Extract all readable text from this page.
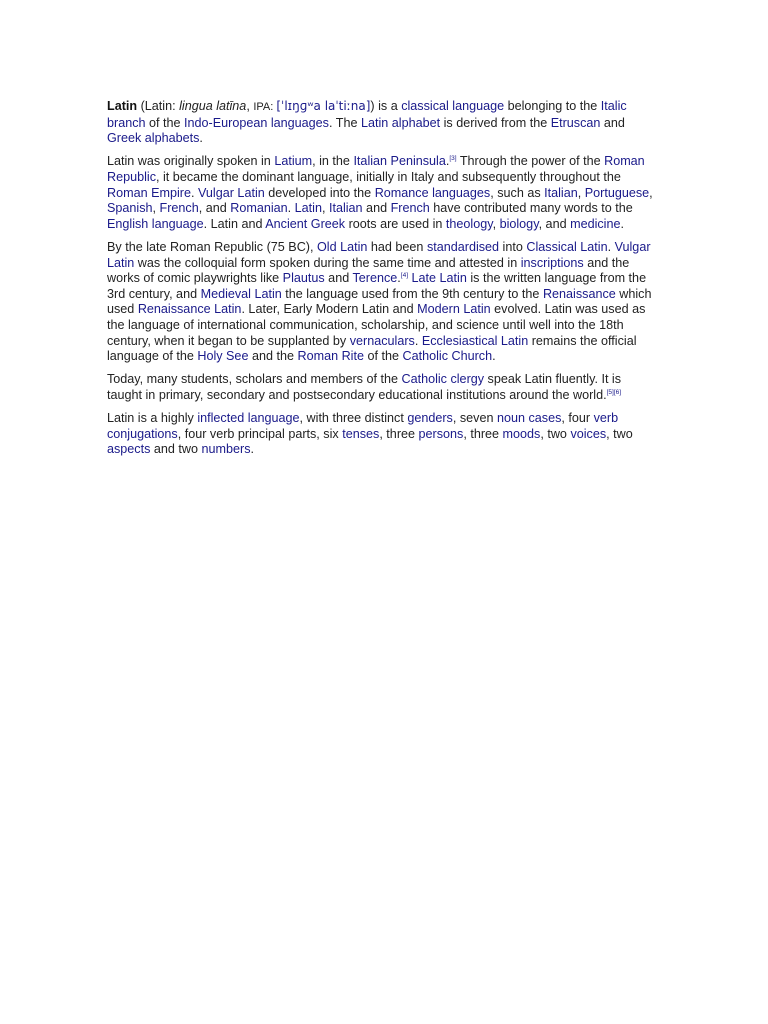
Latin (Latin: lingua latīna, IPA: [ˈlɪŋɡʷa laˈtiːna]) is a classical language belonging to the Italic branch of the Indo-European languages. The Latin alphabet is derived from the Etruscan and Greek alphabets.

Latin was originally spoken in Latium, in the Italian Peninsula.[3] Through the power of the Roman Republic, it became the dominant language, initially in Italy and subsequently throughout the Roman Empire. Vulgar Latin developed into the Romance languages, such as Italian, Portuguese, Spanish, French, and Romanian. Latin, Italian and French have contributed many words to the English language. Latin and Ancient Greek roots are used in theology, biology, and medicine.

By the late Roman Republic (75 BC), Old Latin had been standardised into Classical Latin. Vulgar Latin was the colloquial form spoken during the same time and attested in inscriptions and the works of comic playwrights like Plautus and Terence.[4] Late Latin is the written language from the 3rd century, and Medieval Latin the language used from the 9th century to the Renaissance which used Renaissance Latin. Later, Early Modern Latin and Modern Latin evolved. Latin was used as the language of international communication, scholarship, and science until well into the 18th century, when it began to be supplanted by vernaculars. Ecclesiastical Latin remains the official language of the Holy See and the Roman Rite of the Catholic Church.

Today, many students, scholars and members of the Catholic clergy speak Latin fluently. It is taught in primary, secondary and postsecondary educational institutions around the world.[5][6]

Latin is a highly inflected language, with three distinct genders, seven noun cases, four verb conjugations, four verb principal parts, six tenses, three persons, three moods, two voices, two aspects and two numbers.
